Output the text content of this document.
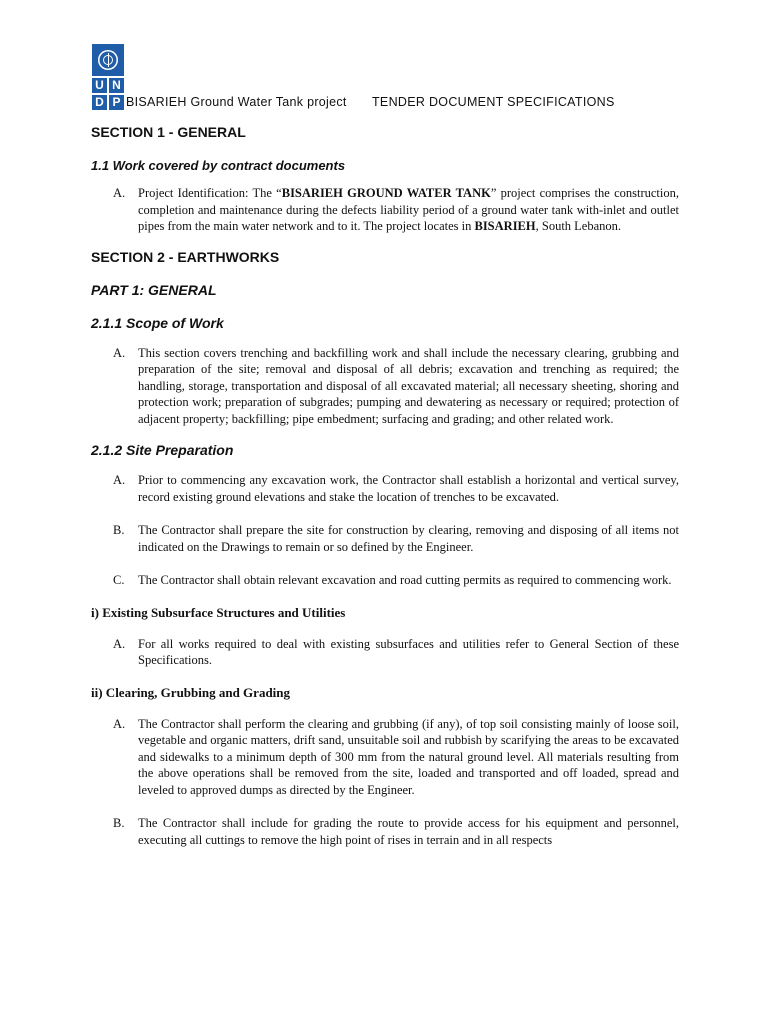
U N
D P BISARIEH Ground Water Tank project TENDER DOCUMENT SPECIFICATIONS
SECTION 1 - GENERAL
1.1 Work covered by contract documents
A.	Project Identification: The “BISARIEH GROUND WATER TANK” project comprises the construction, completion and maintenance during the defects liability period of a ground water tank with-inlet and outlet pipes from the main water network and to it. The project locates in BISARIEH, South Lebanon.
SECTION 2 - EARTHWORKS
PART 1: GENERAL
2.1.1 Scope of Work
A.	This section covers trenching and backfilling work and shall include the necessary clearing, grubbing and preparation of the site; removal and disposal of all debris; excavation and trenching as required; the handling, storage, transportation and disposal of all excavated material; all necessary sheeting, shoring and protection work; preparation of subgrades; pumping and dewatering as necessary or required; protection of adjacent property; backfilling; pipe embedment; surfacing and grading; and other related work.
2.1.2 Site Preparation
A.	Prior to commencing any excavation work, the Contractor shall establish a horizontal and vertical survey, record existing ground elevations and stake the location of trenches to be excavated.
B.	The Contractor shall prepare the site for construction by clearing, removing and disposing of all items not indicated on the Drawings to remain or so defined by the Engineer.
C.	The Contractor shall obtain relevant excavation and road cutting permits as required to commencing work.
i) Existing Subsurface Structures and Utilities
A.	For all works required to deal with existing subsurfaces and utilities refer to General Section of these Specifications.
ii) Clearing, Grubbing and Grading
A.	The Contractor shall perform the clearing and grubbing (if any), of top soil consisting mainly of loose soil, vegetable and organic matters, drift sand, unsuitable soil and rubbish by scarifying the areas to be excavated and sidewalks to a minimum depth of 300 mm from the natural ground level. All materials resulting from the above operations shall be removed from the site, loaded and transported and off loaded, spread and leveled to approved dumps as directed by the Engineer.
B.	The Contractor shall include for grading the route to provide access for his equipment and personnel, executing all cuttings to remove the high point of rises in terrain and in all respects
